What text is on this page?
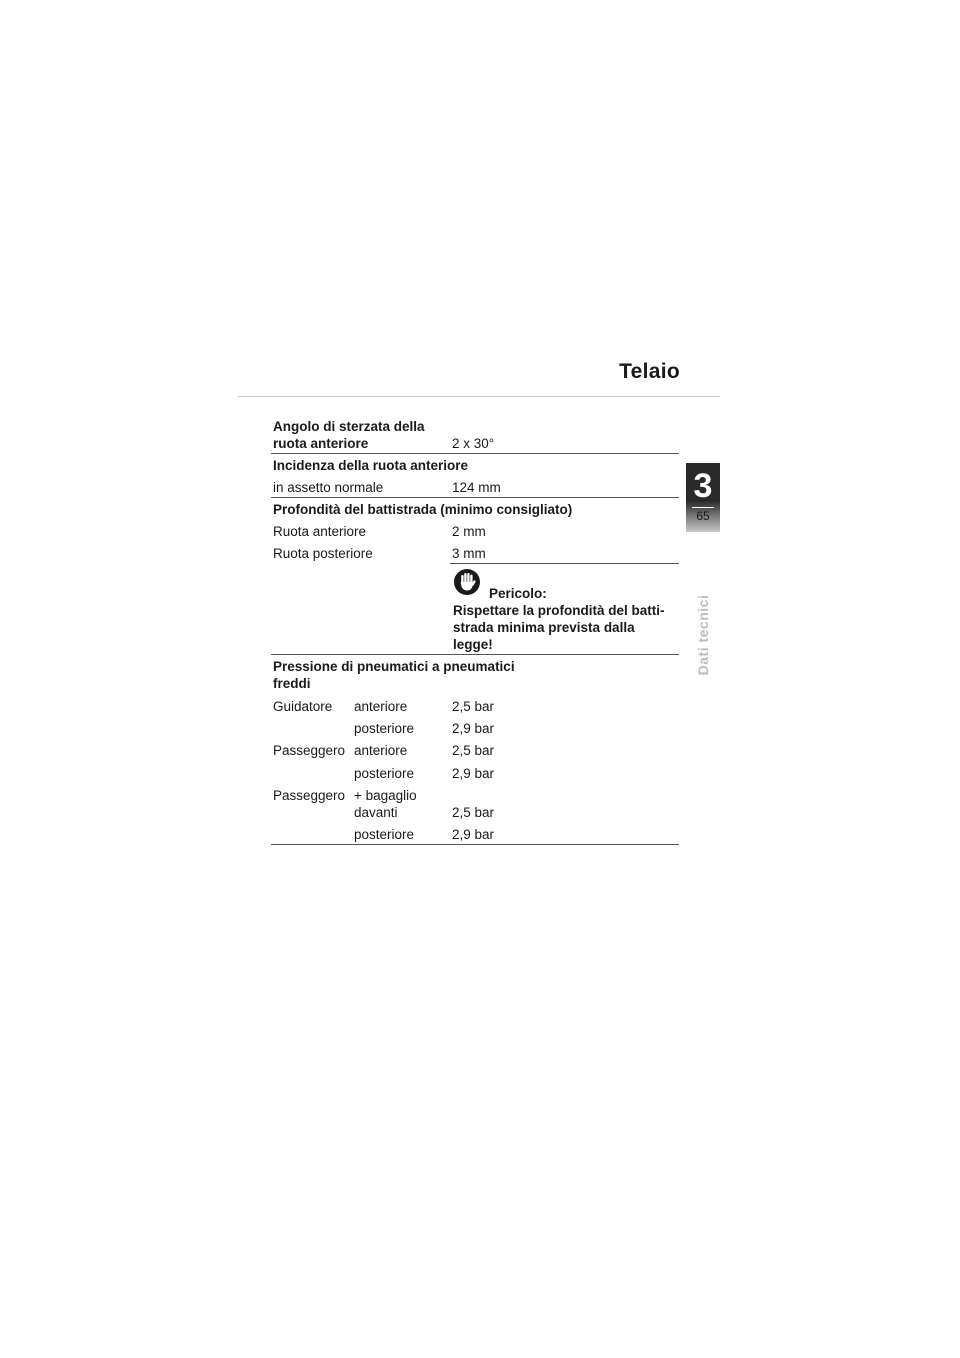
Telaio
3
65
Dati tecnici
Angolo di sterzata della
ruota anteriore	2 x 30°
Incidenza della ruota anteriore
in assetto normale	124 mm
Profondità del battistrada (minimo consigliato)
Ruota anteriore	2 mm
Ruota posteriore	3 mm
Pericolo:
Rispettare la profondità del batti-
strada minima prevista dalla
legge!
Pressione di pneumatici a pneumatici
freddi
Guidatore anteriore	2,5 bar
posteriore	2,9 bar
Passeggero anteriore	2,5 bar
posteriore	2,9 bar
Passeggero + bagaglio
davanti	2,5 bar
posteriore	2,9 bar
